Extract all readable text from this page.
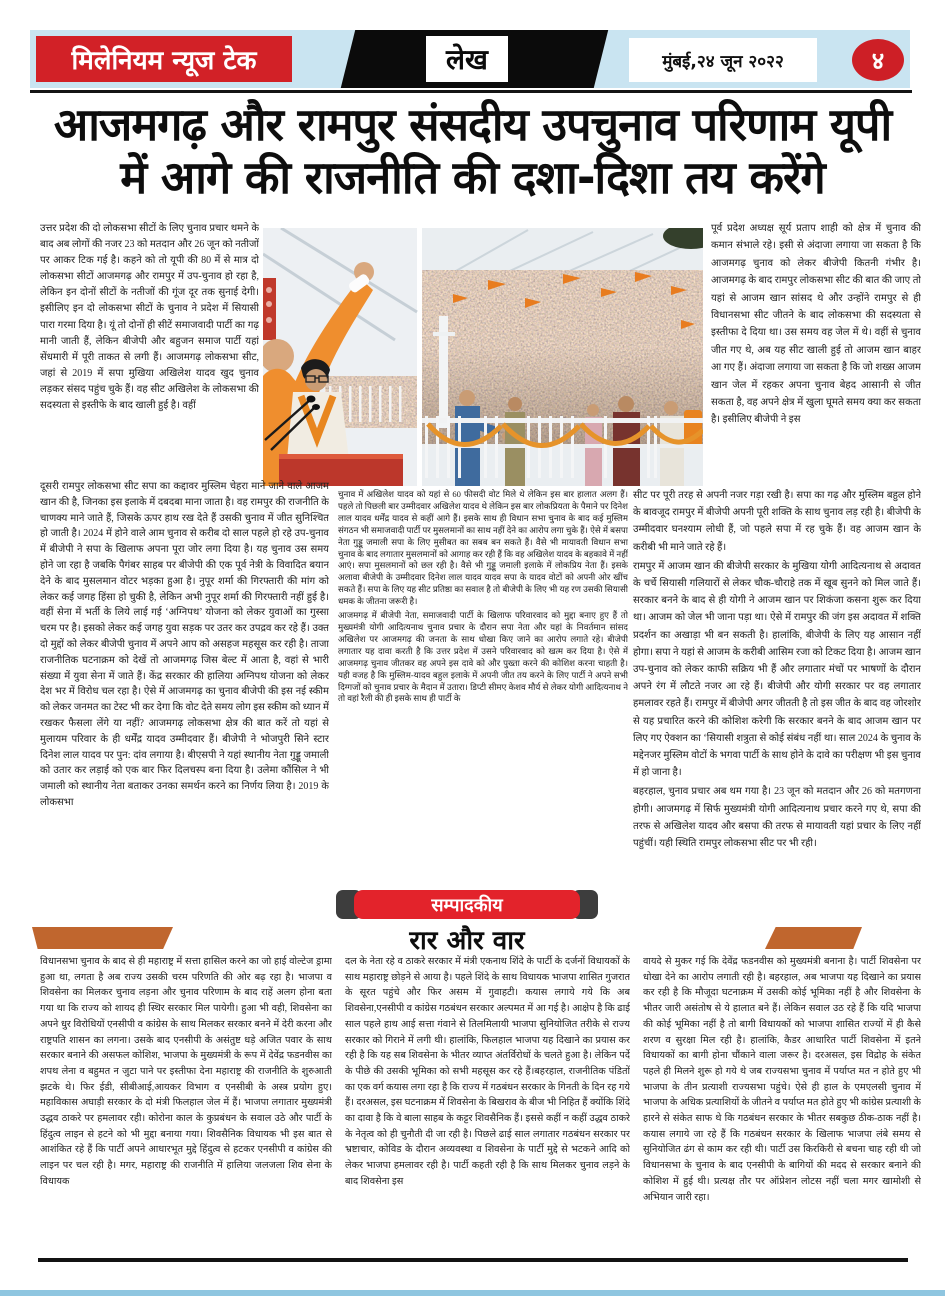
मिलेनियम न्यूज टेक	लेख	मुंबई,२४ जून २०२२	४
आजमगढ़ और रामपुर संसदीय उपचुनाव परिणाम यूपी
में आगे की राजनीति की दशा-दिशा तय करेंगे
उत्तर प्रदेश की दो लोकसभा सीटों के लिए चुनाव प्रचार थमने के बाद अब लोगों की नजर 23 को मतदान और 26 जून को नतीजों पर आकर टिक गई है। कहने को तो यूपी की 80 में से मात्र दो लोकसभा सीटों आजमगढ़ और रामपुर में उप-चुनाव हो रहा है, लेकिन इन दोनों सीटों के नतीजों की गूंज दूर तक सुनाई देगी। इसीलिए इन दो लोकसभा सीटों के चुनाव ने प्रदेश में सियासी पारा गरमा दिया है। यूं तो दोनों ही सीटें समाजवादी पार्टी का गढ़ मानी जाती हैं, लेकिन बीजेपी और बहुजन समाज पार्टी यहां सेंधमारी में पूरी ताकत से लगी हैं। आजमगढ़ लोकसभा सीट, जहां से 2019 में सपा मुखिया अखिलेश यादव खुद चुनाव लड़कर संसद पहुंच चुके हैं। वह सीट अखिलेश के लोकसभा की सदस्यता से इस्तीफे के बाद खाली हुई है। वहीं
दूसरी रामपुर लोकसभा सीट सपा का कद्दावर मुस्लिम चेहरा माने जाने वाले आजम खान की है, जिनका इस इलाके में दबदबा माना जाता है। वह रामपुर की राजनीति के चाणक्य माने जाते हैं, जिसके ऊपर हाथ रख देते हैं उसकी चुनाव में जीत सुनिश्चित हो जाती है। 2024 में होने वाले आम चुनाव से करीब दो साल पहले हो रहे उप-चुनाव में बीजेपी ने सपा के खिलाफ अपना पूरा जोर लगा दिया है। यह चुनाव उस समय होने जा रहा है जबकि पैगंबर साहब पर बीजेपी की एक पूर्व नेत्री के विवादित बयान देने के बाद मुसलमान वोटर भड़का हुआ है। नुपूर शर्मा की गिरफ्तारी की मांग को लेकर कई जगह हिंसा हो चुकी है, लेकिन अभी नुपूर शर्मा की गिरफ्तारी नहीं हुई है। वहीं सेना में भर्ती के लिये लाई गई ‘अग्निपथ’ योजना को लेकर युवाओं का गुस्सा चरम पर है। इसको लेकर कई जगह युवा सड़क पर उतर कर उपद्रव कर रहे हैं। उक्त दो मुद्दों को लेकर बीजेपी चुनाव में अपने आप को असहज महसूस कर रही है। ताजा राजनीतिक घटनाक्रम को देखें तो आजमगढ़ जिस बेल्ट में आता है, वहां से भारी संख्या में युवा सेना में जाते हैं। केंद्र सरकार की हालिया अग्निपथ योजना को लेकर देश भर में विरोध चल रहा है। ऐसे में आजमगढ़ का चुनाव बीजेपी की इस नई स्कीम को लेकर जनमत का टेस्ट भी कर देगा कि वोट देते समय लोग इस स्कीम को ध्यान में रखकर फैसला लेंगे या नहीं? आजमगढ़ लोकसभा क्षेत्र की बात करें तो यहां से मुलायम परिवार के ही धर्मेंद्र यादव उम्मीदवार हैं। बीजेपी ने भोजपुरी सिने स्टार दिनेश लाल यादव पर पुन: दांव लगाया है। बीएसपी ने यहां स्थानीय नेता गुड्डू जमाली को उतार कर लड़ाई को एक बार फिर दिलचस्प बना दिया है। उलेमा कौंसिल ने भी जमाली को स्थानीय नेता बताकर उनका समर्थन करने का निर्णय लिया है। 2019 के लोकसभा

चुनाव में अखिलेश यादव को यहां से 60 फीसदी वोट मिले थे लेकिन इस बार हालात अलग हैं। पहले तो पिछली बार उम्मीदवार अखिलेश यादव थे लेकिन इस बार लोकप्रियता के पैमाने पर दिनेश लाल यादव धर्मेंद्र यादव से कहीं आगे हैं। इसके साथ ही विधान सभा चुनाव के बाद कई मुस्लिम संगठन भी समाजवादी पार्टी पर मुसलमानों का साथ नहीं देने का आरोप लगा चुके हैं। ऐसे में बसपा नेता गुड्डू जमाली सपा के लिए मुसीबत का सबब बन सकते हैं। वैसे भी मायावती विधान सभा चुनाव के बाद लगातार मुसलमानों को आगाह कर रही हैं कि वह अखिलेश यादव के बहकावे में नहीं आएं। सपा मुसलमानों को छल रही है। वैसे भी गुड्डू जमाली इलाके में लोकप्रिय नेता हैं। इसके अलावा बीजेपी के उम्मीदवार दिनेश लाल यादव यादव सपा के यादव वोटों को अपनी ओर खींच सकते हैं। सपा के लिए यह सीट प्रतिष्ठा का सवाल है तो बीजेपी के लिए भी यह रण उसकी सियासी धमक के जीतना जरूरी है।

आजमगढ़ में बीजेपी नेता, समाजवादी पार्टी के खिलाफ परिवारवाद को मुद्दा बनाए हुए हैं तो मुख्यमंत्री योगी आदित्यनाथ चुनाव प्रचार के दौरान सपा नेता और यहां के निवर्तमान सांसद अखिलेश पर आजमगढ़ की जनता के साथ धोखा किए जाने का आरोप लगाते रहे। बीजेपी लगातार यह दावा करती है कि उत्तर प्रदेश में उसने परिवारवाद को खत्म कर दिया है। ऐसे में आजमगढ़ चुनाव जीतकर वह अपने इस दावे को और पुख्ता करने की कोशिश करना चाहती है। यही वजह है कि मुस्लिम-यादव बहुल इलाके में अपनी जीत तय करने के लिए पार्टी ने अपने सभी दिग्गजों को चुनाव प्रचार के मैदान में उतारा। डिप्टी सीमए केशव मौर्य से लेकर योगी आदित्यनाथ ने तो वहां रैली की ही इसके साथ ही पार्टी के

पूर्व प्रदेश अध्यक्ष सूर्य प्रताप शाही को क्षेत्र में चुनाव की कमान संभाले रहे। इसी से अंदाजा लगाया जा सकता है कि आजमगढ़ चुनाव को लेकर बीजेपी कितनी गंभीर है।आजमगढ़ के बाद रामपुर लोकसभा सीट की बात की जाए तो यहां से आजम खान सांसद थे और उन्होंने रामपुर से ही विधानसभा सीट जीतने के बाद लोकसभा की सदस्यता से इस्तीफा दे दिया था। उस समय वह जेल में थे। वहीं से चुनाव जीत गए थे, अब यह सीट खाली हुई तो आजम खान बाहर आ गए हैं। अंदाजा लगाया जा सकता है कि जो शख्स आजम खान जेल में रहकर अपना चुनाव बेहद आसानी से जीत सकता है, वह अपने क्षेत्र में खुला घूमते समय क्या कर सकता है। इसीलिए बीजेपी ने इस

सीट पर पूरी तरह से अपनी नजर गड़ा रखी है। सपा का गढ़ और मुस्लिम बहुल होने के बावजूद रामपुर में बीजेपी अपनी पूरी शक्ति के साथ चुनाव लड़ रही है। बीजेपी के उम्मीदवार घनश्याम लोधी हैं, जो पहले सपा में रह चुके हैं। वह आजम खान के करीबी भी माने जाते रहे हैं।

रामपुर में आजम खान की बीजेपी सरकार के मुखिया योगी आदित्यनाथ से अदावत के चर्चे सियासी गलियारों से लेकर चौक-चौराहे तक में खूब सुनने को मिल जाते हैं। सरकार बनने के बाद से ही योगी ने आजम खान पर शिकंजा कसना शुरू कर दिया था। आजम को जेल भी जाना पड़ा था। ऐसे में रामपुर की जंग इस अदावत में शक्ति प्रदर्शन का अखाड़ा भी बन सकती है। हालांकि, बीजेपी के लिए यह आसान नहीं होगा। सपा ने यहां से आजम के करीबी आसिम रजा को टिकट दिया है। आजम खान उप-चुनाव को लेकर काफी सक्रिय भी हैं और लगातार मंचों पर भाषणों के दौरान अपने रंग में लौटते नजर आ रहे हैं। बीजेपी और योगी सरकार पर वह लगातार हमलावर रहते हैं। रामपुर में बीजेपी अगर जीतती है तो इस जीत के बाद वह जोरशोर से यह प्रचारित करने की कोशिश करेगी कि सरकार बनने के बाद आजम खान पर लिए गए ऐक्शन का ‘सियासी शत्रुता से कोई संबंध नहीं था। साल 2024 के चुनाव के मद्देनजर मुस्लिम वोटों के भगवा पार्टी के साथ होने के दावे का परीक्षण भी इस चुनाव में हो जाना है।

बहरहाल, चुनाव प्रचार अब थम गया है। 23 जून को मतदान और 26 को मतगणना होगी। आजमगढ़ में सिर्फ मुख्यमंत्री योगी आदित्यनाथ प्रचार करने गए थे, सपा की तरफ से अखिलेश यादव और बसपा की तरफ से मायावती यहां प्रचार के लिए नहीं पहुंचीं। यही स्थिति रामपुर लोकसभा सीट पर भी रही।

सम्पादकीय
रार और वार
विधानसभा चुनाव के बाद से ही महाराष्ट्र में सत्ता हासिल करने का जो हाई वोल्टेज ड्रामा हुआ था, लगता है अब राज्य उसकी चरम परिणति की ओर बढ़ रहा है। भाजपा व शिवसेना का मिलकर चुनाव लड़ना और चुनाव परिणाम के बाद राहें अलग होना बता गया था कि राज्य को शायद ही स्थिर सरकार मिल पायेगी। हुआ भी वही, शिवसेना का अपने धुर विरोधियों एनसीपी व कांग्रेस के साथ मिलकर सरकार बनने में देरी करना और राष्ट्रपति शासन का लगना। उसके बाद एनसीपी के असंतुष्ट धड़े अजित पवार के साथ सरकार बनाने की असफल कोशिश, भाजपा के मुख्यमंत्री के रूप में देवेंद्र फडनवीस का शपथ लेना व बहुमत न जुटा पाने पर इस्तीफा देना महाराष्ट्र की राजनीति के शुरुआती झटके थे। फिर ईडी, सीबीआई,आयकर विभाग व एनसीबी के अस्त्र प्रयोग हुए। महाविकास अघाड़ी सरकार के दो मंत्री फिलहाल जेल में हैं। भाजपा लगातार मुख्यमंत्री उद्धव ठाकरे पर हमलावर रही। कोरोना काल के कुप्रबंधन के सवाल उठे और पार्टी के हिंदुत्व लाइन से हटने को भी मुद्दा बनाया गया। शिवसैनिक विधायक भी इस बात से आशंकित रहे हैं कि पार्टी अपने आधारभूत मुद्दे हिंदुत्व से हटकर एनसीपी व कांग्रेस की लाइन पर चल रही है। मगर, महाराष्ट्र की राजनीति में हालिया जलजला शिव सेना के विधायक
दल के नेता रहे व ठाकरे सरकार में मंत्री एकनाथ शिंदे के पार्टी के दर्जनों विधायकों के साथ महाराष्ट्र छोड़ने से आया है। पहले शिंदे के साथ विधायक भाजपा शासित गुजरात के सूरत पहुंचे और फिर असम में गुवाहटी। कयास लगाये गये कि अब शिवसेना,एनसीपी व कांग्रेस गठबंधन सरकार अल्पमत में आ गई है। आक्षेप है कि ढाई साल पहले हाथ आई सत्ता गंवाने से तिलमिलायी भाजपा सुनियोजित तरीके से राज्य सरकार को गिराने में लगी थी। हालांकि, फिलहाल भाजपा यह दिखाने का प्रयास कर रही है कि यह सब शिवसेना के भीतर व्याप्त अंतर्विरोधों के चलते हुआ है। लेकिन पर्दे के पीछे की उसकी भूमिका को सभी महसूस कर रहे हैं।बहरहाल, राजनीतिक पंडितों का एक वर्ग कयास लगा रहा है कि राज्य में गठबंधन सरकार के गिनती के दिन रह गये हैं। दरअसल, इस घटनाक्रम में शिवसेना के बिखराव के बीज भी निहित हैं क्योंकि शिंदे का दावा है कि वे बाला साहब के कट्टर शिवसैनिक हैं। इससे कहीं न कहीं उद्धव ठाकरे के नेतृत्व को ही चुनौती दी जा रही है। पिछले ढाई साल लगातार गठबंधन सरकार पर भ्रष्टाचार, कोविड के दौरान अव्यवस्था व शिवसेना के पार्टी मुद्दे से भटकने आदि को लेकर भाजपा हमलावर रही है। पार्टी कहती रही है कि साथ मिलकर चुनाव लड़ने के बाद शिवसेना इस
वायदे से मुकर गई कि देवेंद्र फडनवीस को मुख्यमंत्री बनाना है। पार्टी शिवसेना पर धोखा देने का आरोप लगाती रही है। बहरहाल, अब भाजपा यह दिखाने का प्रयास कर रही है कि मौजूदा घटनाक्रम में उसकी कोई भूमिका नहीं है और शिवसेना के भीतर जारी असंतोष से ये हालात बने हैं। लेकिन सवाल उठ रहे हैं कि यदि भाजपा की कोई भूमिका नहीं है तो बागी विधायकों को भाजपा शासित राज्यों में ही कैसे शरण व सुरक्षा मिल रही है। हालांकि, कैडर आधारित पार्टी शिवसेना में इतने विधायकों का बागी होना चौंकाने वाला जरूर है। दरअसल, इस विद्रोह के संकेत पहले ही मिलने शुरू हो गये थे जब राज्यसभा चुनाव में पर्याप्त मत न होते हुए भी भाजपा के तीन प्रत्याशी राज्यसभा पहुंचे। ऐसे ही हाल के एमएलसी चुनाव में भाजपा के अधिक प्रत्याशियों के जीतने व पर्याप्त मत होते हुए भी कांग्रेस प्रत्याशी के हारने से संकेत साफ थे कि गठबंधन सरकार के भीतर सबकुछ ठीक-ठाक नहीं है। कयास लगाये जा रहे हैं कि गठबंधन सरकार के खिलाफ भाजपा लंबे समय से सुनियोजित ढंग से काम कर रही थी। पार्टी उस किरकिरी से बचना चाह रही थी जो विधानसभा के चुनाव के बाद एनसीपी के बागियों की मदद से सरकार बनाने की कोशिश में हुई थी। प्रत्यक्ष तौर पर ऑप्रेशन लोटस नहीं चला मगर खामोशी से अभियान जारी रहा।
